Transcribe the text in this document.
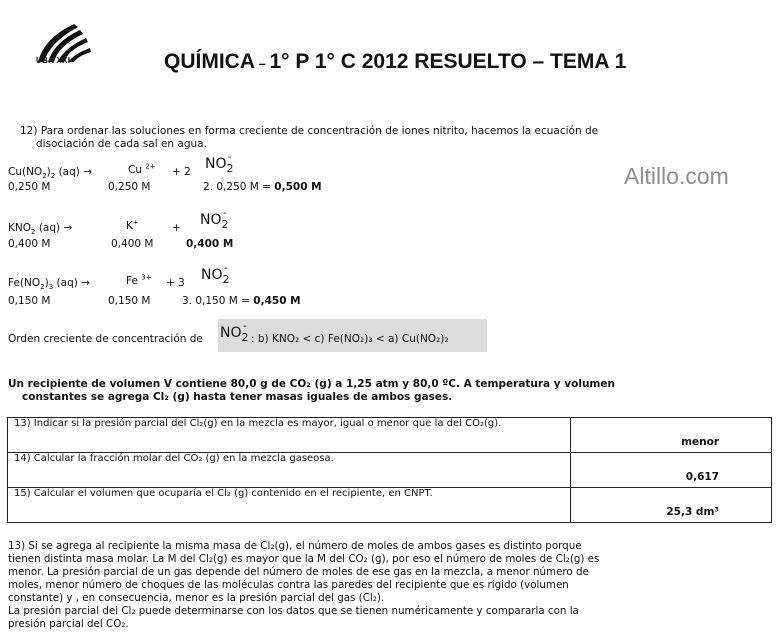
UBA XXI	QUÍMICA – 1° P 1° C 2012 RESUELTO – TEMA 1
Altillo.com
12) Para ordenar las soluciones en forma creciente de concentración de iones nitrito, hacemos la ecuación de
disociación de cada sal en agua.
$Cu(NO_2)_2$ (aq) →	Cu $^{2+}$ + 2 $NO_2$
-
0,250 M	0,250 M	2. 0,250 M = 0,500 M
$KNO_2$ (aq) →	K+	+ $NO_2$
-
0,400 M	0,400 M	0,400 M
$Fe(NO_2)_3$ (aq) →	Fe $^{3+}$ + 3 $NO_2$
-
0,150 M	0,150 M	3. 0,150 M = 0,450 M
Orden creciente de concentración de $NO_2$
-
: b) KNO₂ < c) Fe(NO₂)₃ < a) Cu(NO₂)₂
Un recipiente de volumen V contiene 80,0 g de CO₂ (g) a 1,25 atm y 80,0 ºC. A temperatura y volumen
constantes se agrega Cl₂ (g) hasta tener masas iguales de ambos gases.
13) Indicar si la presión parcial del Cl₂(g) en la mezcla es mayor, igual o menor que la del CO₂(g).	menor
14) Calcular la fracción molar del CO₂ (g) en la mezcla gaseosa.	0,617
15) Calcular el volumen que ocuparía el Cl₂ (g) contenido en el recipiente, en CNPT.	25,3 dm³
13) Si se agrega al recipiente la misma masa de Cl₂(g), el número de moles de ambos gases es distinto porque
tienen distinta masa molar. La M del Cl₂(g) es mayor que la M del CO₂ (g), por eso el número de moles de Cl₂(g) es
menor. La presión parcial de un gas depende del número de moles de ese gas en la mezcla, a menor número de
moles, menor número de choques de las moléculas contra las paredes del recipiente que es rígido (volumen
constante) y , en consecuencia, menor es la presión parcial del gas (Cl₂).
La presión parcial del Cl₂ puede determinarse con los datos que se tienen numéricamente y compararla con la
presión parcial del CO₂.
